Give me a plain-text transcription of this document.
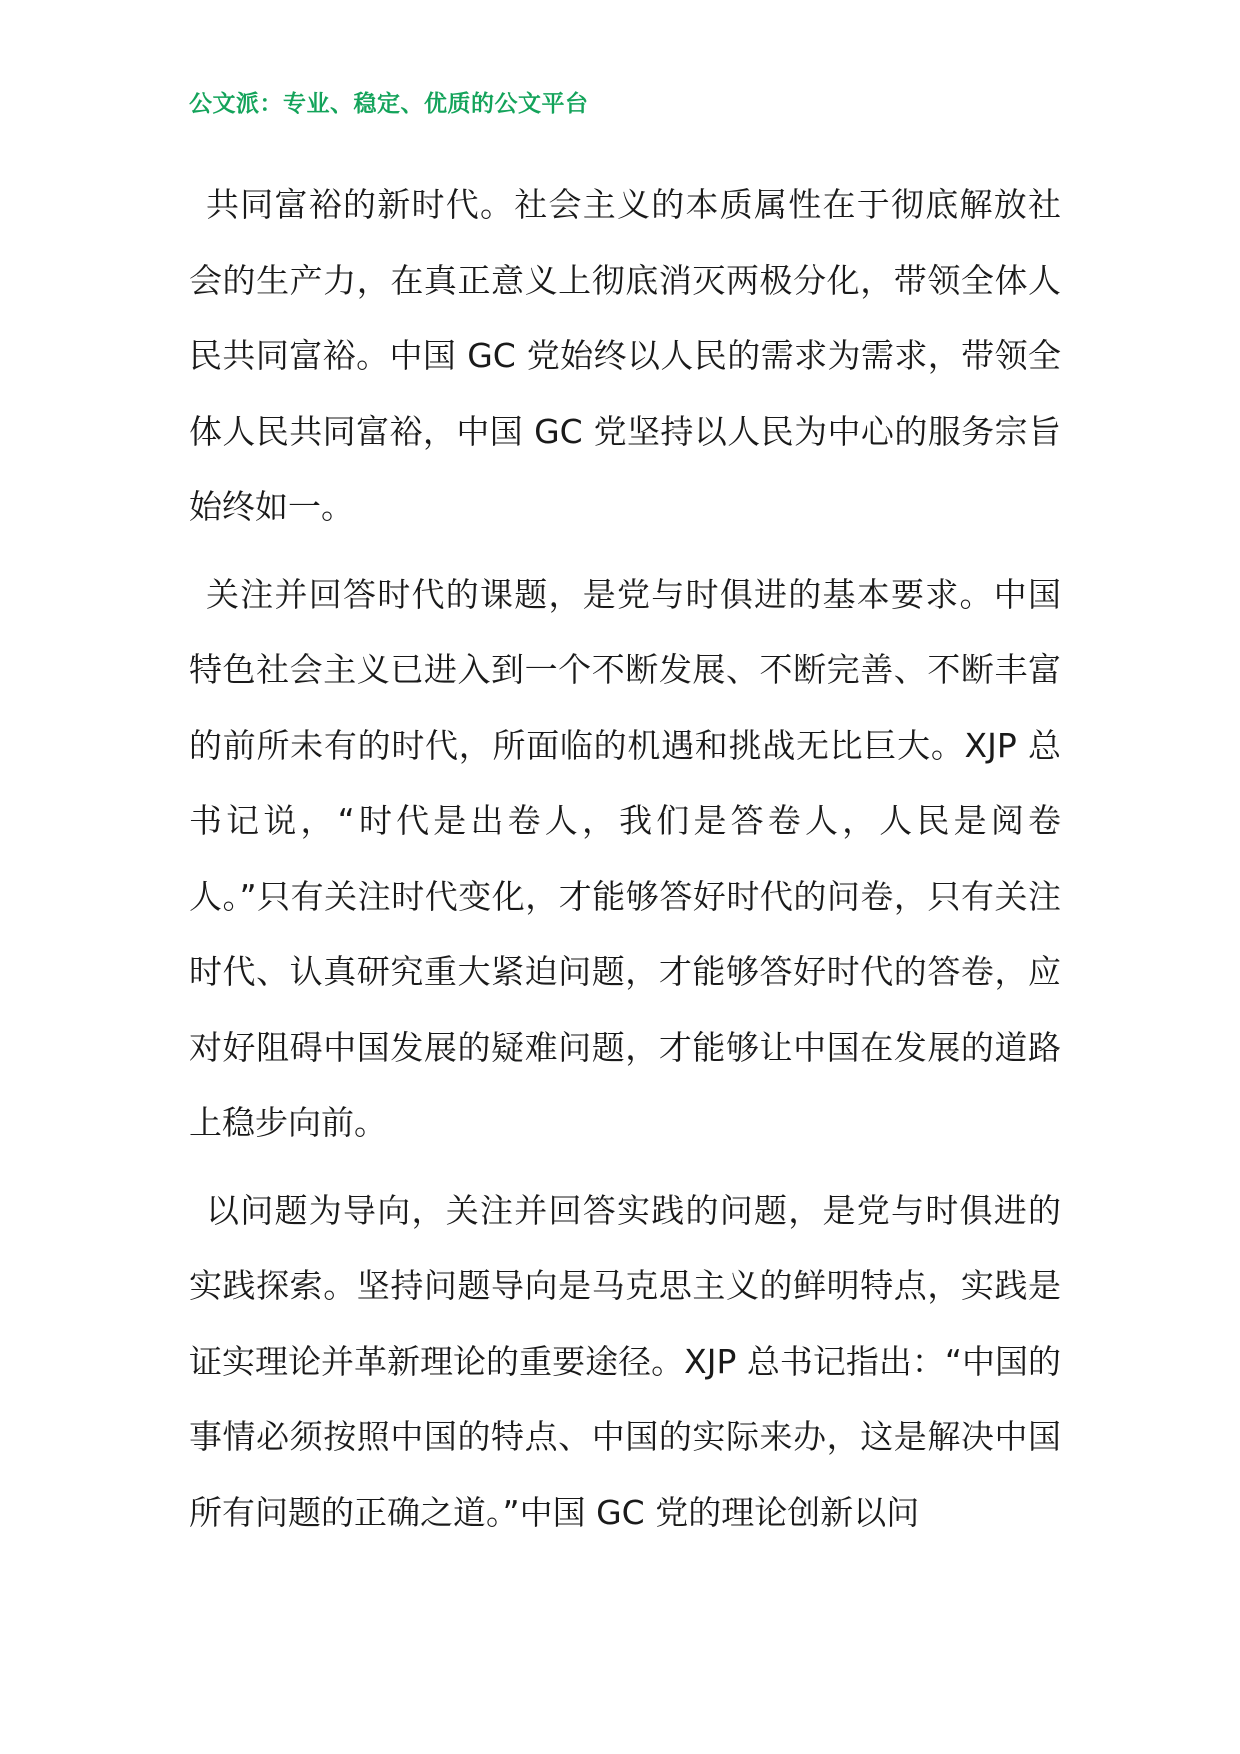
公文派：专业、稳定、优质的公文平台

共同富裕的新时代。社会主义的本质属性在于彻底解放社会的生产力，在真正意义上彻底消灭两极分化，带领全体人民共同富裕。中国 GC 党始终以人民的需求为需求，带领全体人民共同富裕，中国 GC 党坚持以人民为中心的服务宗旨始终如一。

关注并回答时代的课题，是党与时俱进的基本要求。中国特色社会主义已进入到一个不断发展、不断完善、不断丰富的前所未有的时代，所面临的机遇和挑战无比巨大。XJP 总书记说，“时代是出卷人，我们是答卷人，人民是阅卷人。”只有关注时代变化，才能够答好时代的问卷，只有关注时代、认真研究重大紧迫问题，才能够答好时代的答卷，应对好阻碍中国发展的疑难问题，才能够让中国在发展的道路上稳步向前。

以问题为导向，关注并回答实践的问题，是党与时俱进的实践探索。坚持问题导向是马克思主义的鲜明特点，实践是证实理论并革新理论的重要途径。XJP 总书记指出：“中国的事情必须按照中国的特点、中国的实际来办，这是解决中国所有问题的正确之道。”中国 GC 党的理论创新以问
